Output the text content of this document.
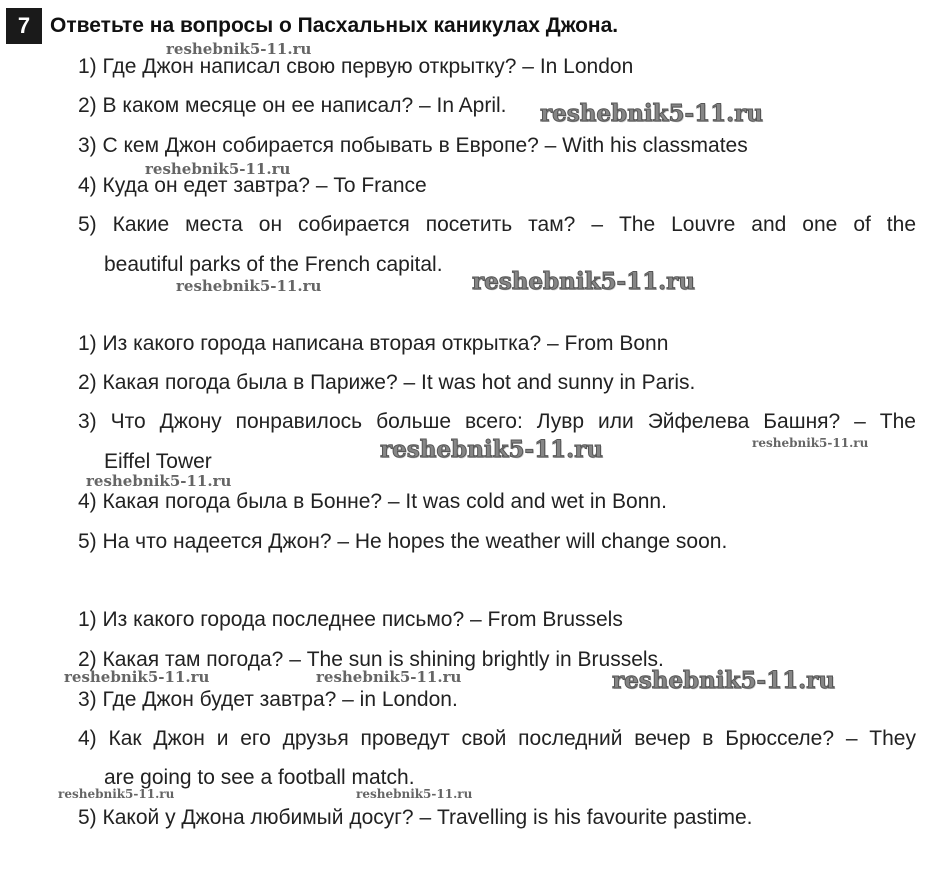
7 Ответьте на вопросы о Пасхальных каникулах Джона.
1) Где Джон написал свою первую открытку? – In London
2) В каком месяце он ее написал? – In April.
3) С кем Джон собирается побывать в Европе? – With his classmates
4) Куда он едет завтра? – To France
5) Какие места он собирается посетить там? – The Louvre and one of the
beautiful parks of the French capital.
1) Из какого города написана вторая открытка? – From Bonn
2) Какая погода была в Париже? – It was hot and sunny in Paris.
3) Что Джону понравилось больше всего: Лувр или Эйфелева Башня? – The
Eiffel Tower
4) Какая погода была в Бонне? – It was cold and wet in Bonn.
5) На что надеется Джон? – He hopes the weather will change soon.
1) Из какого города последнее письмо? – From Brussels
2) Какая там погода? – The sun is shining brightly in Brussels.
3) Где Джон будет завтра? – in London.
4) Как Джон и его друзья проведут свой последний вечер в Брюсселе? – They
are going to see a football match.
5) Какой у Джона любимый досуг? – Travelling is his favourite pastime.
reshebnik5-11.ru
reshebnik5-11.ru
reshebnik5-11.ru
reshebnik5-11.ru	reshebnik5-11.ru
reshebnik5-11.ru	reshebnik5-11.ru
reshebnik5-11.ru
reshebnik5-11.ru	reshebnik5-11.ru	reshebnik5-11.ru
reshebnik5-11.ru	reshebnik5-11.ru
